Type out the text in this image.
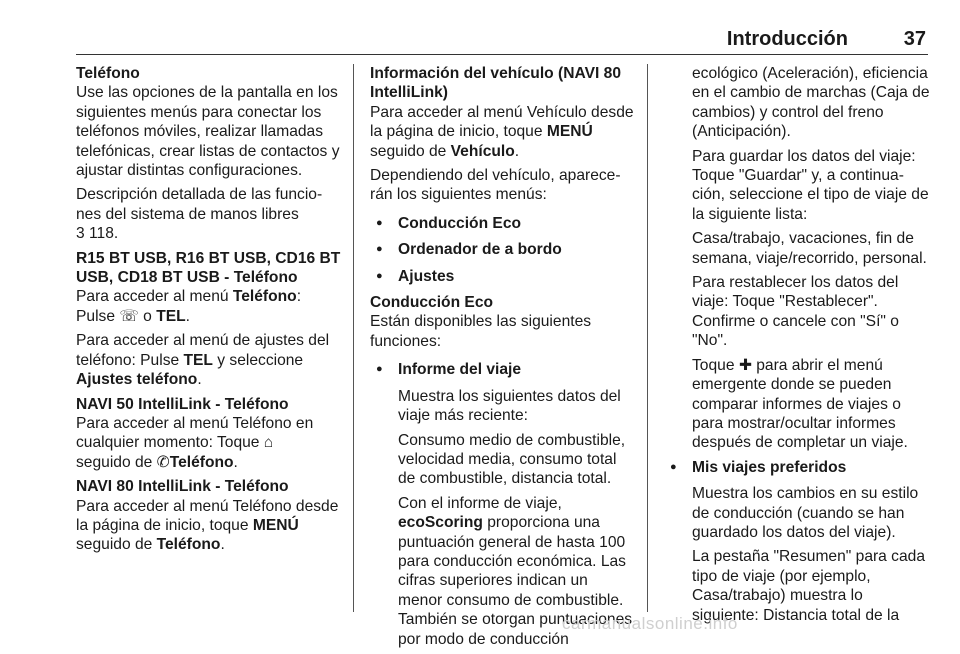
Introducción	37
Teléfono

Use las opciones de la pantalla en los siguientes menús para conectar los teléfonos móviles, realizar llamadas telefónicas, crear listas de contactos y ajustar distintas configuraciones.

Descripción detallada de las funciones del sistema de manos libres
3 118.

R15 BT USB, R16 BT USB, CD16 BT USB, CD18 BT USB - Teléfono

Para acceder al menú Teléfono:
Pulse ☏ o TEL.

Para acceder al menú de ajustes del teléfono: Pulse TEL y seleccione Ajustes teléfono.

NAVI 50 IntelliLink - Teléfono

Para acceder al menú Teléfono en cualquier momento: Toque ⌂
seguido de ✆Teléfono.

NAVI 80 IntelliLink - Teléfono

Para acceder al menú Teléfono desde la página de inicio, toque MENÚ seguido de Teléfono.

Información del vehículo (NAVI 80 IntelliLink)

Para acceder al menú Vehículo desde la página de inicio, toque MENÚ seguido de Vehículo.

Dependiendo del vehículo, aparecerán los siguientes menús:

● Conducción Eco
● Ordenador de a bordo
● Ajustes
Conducción Eco

Están disponibles las siguientes funciones:

● Informe del viaje

Muestra los siguientes datos del viaje más reciente:

Consumo medio de combustible, velocidad media, consumo total de combustible, distancia total.

Con el informe de viaje, ecoScoring proporciona una puntuación general de hasta 100 para conducción económica. Las cifras superiores indican un menor consumo de combustible. También se otorgan puntuaciones por modo de conducción

ecológico (Aceleración), eficiencia en el cambio de marchas (Caja de cambios) y control del freno (Anticipación).

Para guardar los datos del viaje: Toque "Guardar" y, a continuación, seleccione el tipo de viaje de la siguiente lista:

Casa/trabajo, vacaciones, fin de semana, viaje/recorrido, personal.

Para restablecer los datos del viaje: Toque "Restablecer". Confirme o cancele con "Sí" o "No".

Toque ✚ para abrir el menú emergente donde se pueden comparar informes de viajes o para mostrar/ocultar informes después de completar un viaje.

● Mis viajes preferidos

Muestra los cambios en su estilo de conducción (cuando se han guardado los datos del viaje).

La pestaña "Resumen" para cada tipo de viaje (por ejemplo, Casa/trabajo) muestra lo siguiente: Distancia total de la

carmanualsonline.info
